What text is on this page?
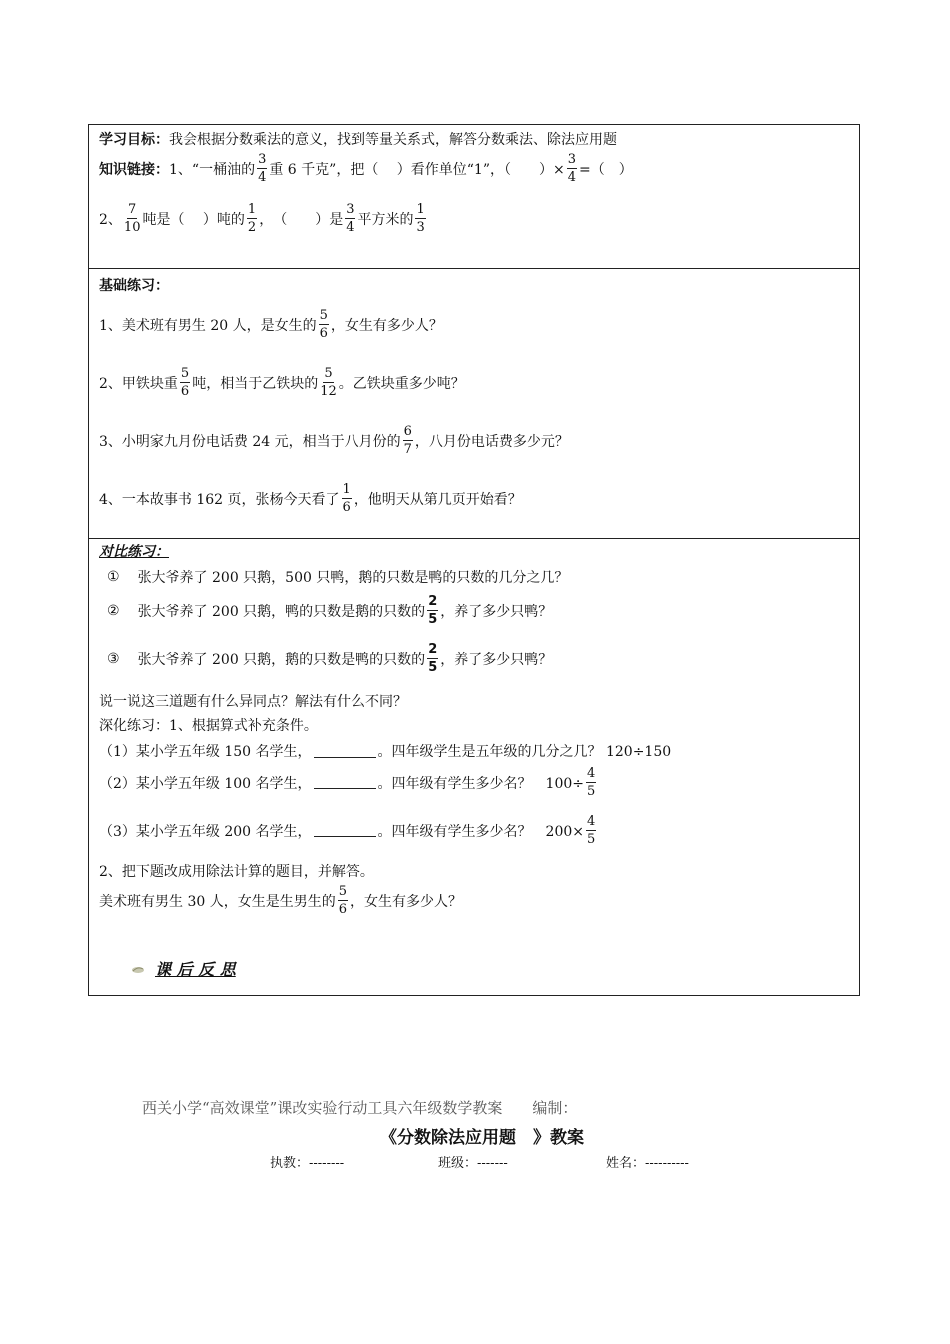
学习目标： 我会根据分数乘法的意义，找到等量关系式，解答分数乘法、除法应用题
知识链接： 1、“一桶油的 $\frac{3}{4}$ 重 6 千克”，把（　 ）看作单位“1”，（　　）× $\frac{3}{4}$ =（　）
2、 $\frac{7}{10}$ 吨是（　 ）吨的 $\frac{1}{2}$ ，　（　　）是 $\frac{3}{4}$ 平方米的 $\frac{1}{3}$
基础练习：
1、美术班有男生 20 人，是女生的 $\frac{5}{6}$ ，女生有多少人？
2、甲铁块重 $\frac{5}{6}$ 吨，相当于乙铁块的 $\frac{5}{12}$ 。乙铁块重多少吨？
3、小明家九月份电话费 24 元，相当于八月份的 $\frac{6}{7}$ ，八月份电话费多少元？
4、一本故事书 162 页，张杨今天看了 $\frac{1}{6}$ ，他明天从第几页开始看？
对比练习：
① 张大爷养了 200 只鹅，500 只鸭，鹅的只数是鸭的只数的几分之几？
② 张大爷养了 200 只鹅，鸭的只数是鹅的只数的 $\frac{2}{5}$ ，养了多少只鸭？
③ 张大爷养了 200 只鹅，鹅的只数是鸭的只数的 $\frac{2}{5}$ ，养了多少只鸭？
说一说这三道题有什么异同点？解法有什么不同？
深化练习：1、根据算式补充条件。
（1）某小学五年级 150 名学生，	。四年级学生是五年级的几分之几？ 120÷150
（2）某小学五年级 100 名学生，	。四年级有学生多少名？　$100\div \frac{4}{5}$
（3）某小学五年级 200 名学生，	。四年级有学生多少名？　$200\times \frac{4}{5}$
2、把下题改成用除法计算的题目，并解答。
美术班有男生 30 人，女生是生男生的 $\frac{5}{6}$ ，女生有多少人？
课 后 反 思
西关小学“高效课堂”课改实验行动工具六年级数学教案　　编制：
《分数除法应用题　》教案
执教：--------	班级：-------	姓名：----------
